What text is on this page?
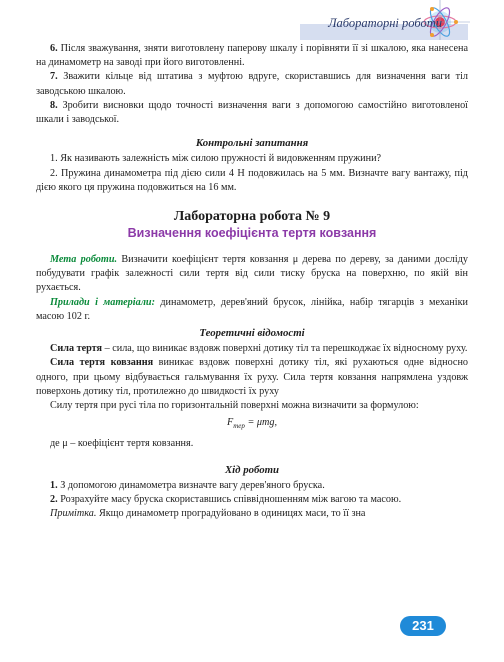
Лабораторні роботи

6. Після зважування, зняти виготовлену паперову шкалу і порівняти її зі шкалою, яка нанесена на динамометр на заводі при його виготовленні.

7. Зважити кільце від штатива з муфтою вдруге, скориставшись для визначення ваги тіл заводською шкалою.

8. Зробити висновки щодо точності визначення ваги з допомогою самостійно виготовленої шкали і заводської.

Контрольні запитання

1. Як називають залежність між силою пружності й видовженням пружини?

2. Пружина динамометра під дією сили 4 Н подовжилась на 5 мм. Визначте вагу вантажу, під дією якого ця пружина подовжиться на 16 мм.

Лабораторна робота № 9
Визначення коефіцієнта тертя ковзання

Мета роботи. Визначити коефіцієнт тертя ковзання μ дерева по дереву, за даними досліду побудувати графік залежності сили тертя від сили тиску бруска на поверхню, по якій він рухається.

Прилади і матеріали: динамометр, дерев'яний брусок, лінійка, набір тягарців з механіки масою 102 г.

Теоретичні відомості

Сила тертя – сила, що виникає вздовж поверхні дотику тіл та перешкоджає їх відносному руху.

Сила тертя ковзання виникає вздовж поверхні дотику тіл, які рухаються одне відносно одного, при цьому відбувається гальмування їх руху. Сила тертя ковзання напрямлена уздовж поверхонь дотику тіл, протилежно до швидкості їх руху

Силу тертя при русі тіла по горизонтальній поверхні можна визначити за формулою:

$F_{тер} = \mu mg$,

де μ – коефіцієнт тертя ковзання.

Хід роботи

1. З допомогою динамометра визначте вагу дерев'яного бруска.

2. Розрахуйте масу бруска скориставшись співвідношенням між вагою та масою.

Примітка. Якщо динамометр проградуйовано в одиницях маси, то її зна

231
